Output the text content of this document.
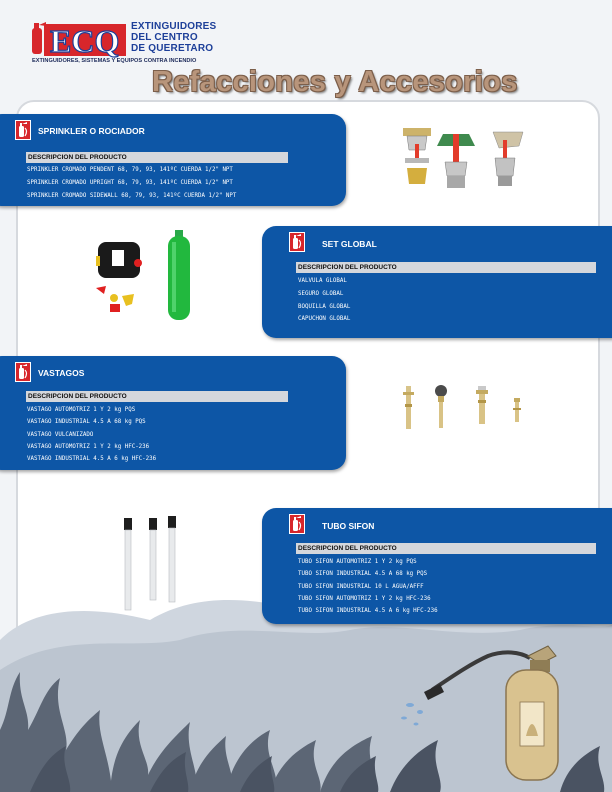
ECQ EXTINGUIDORES
DEL CENTRO
DE QUERETARO
EXTINGUIDORES, SISTEMAS Y EQUIPOS CONTRA INCENDIO
Refacciones y Accesorios
SPRINKLER O ROCIADOR
DESCRIPCION DEL PRODUCTO
SPRINKLER CROMADO PENDENT 68, 79, 93, 141ºC CUERDA 1/2" NPT
SPRINKLER CROMADO UPRIGHT 68, 79, 93, 141ºC CUERDA 1/2" NPT
SPRINKLER CROMADO SIDEWALL 68, 79, 93, 141ºC CUERDA 1/2" NPT
SET GLOBAL
DESCRIPCION DEL PRODUCTO
VALVULA GLOBAL
SEGURO GLOBAL
BOQUILLA GLOBAL
CAPUCHON GLOBAL
VASTAGOS
DESCRIPCION DEL PRODUCTO
VASTAGO AUTOMOTRIZ 1 Y 2 kg PQS
VASTAGO INDUSTRIAL 4.5 A 68 kg PQS
VASTAGO VULCANIZADO
VASTAGO AUTOMOTRIZ 1 Y 2 kg HFC-236
VASTAGO INDUSTRIAL 4.5 A 6 kg HFC-236
TUBO SIFON
DESCRIPCION DEL PRODUCTO
TUBO SIFON AUTOMOTRIZ 1 Y 2 kg PQS
TUBO SIFON INDUSTRIAL 4.5 A 68 kg PQS
TUBO SIFON INDUSTRIAL 10 L AGUA/AFFF
TUBO SIFON AUTOMOTRIZ 1 Y 2 kg HFC-236
TUBO SIFON INDUSTRIAL 4.5 A 6 kg HFC-236
